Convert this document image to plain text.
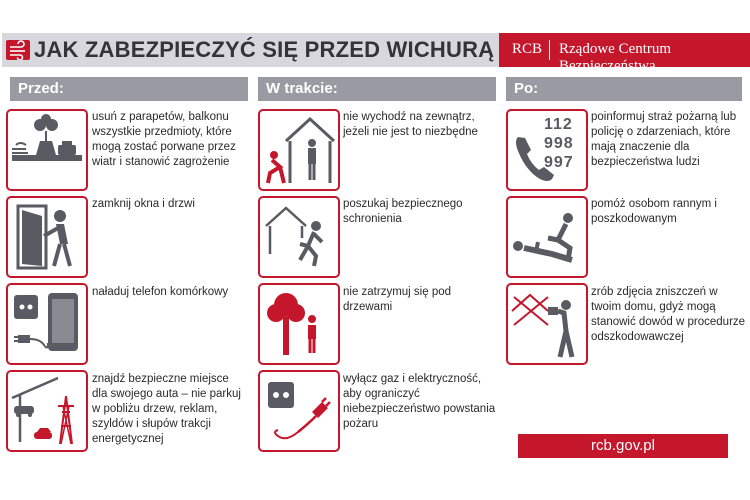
JAK ZABEZPIECZYĆ SIĘ PRZED WICHURĄ RCB Rządowe Centrum Bezpieczeństwa
Przed:	W trakcie:	Po:
usuń z parapetów, balkonu wszystkie przedmioty, które mogą zostać porwane przez wiatr i stanowić zagrożenie
zamknij okna i drzwi
naładuj telefon komórkowy
znajdź bezpieczne miejsce dla swojego auta – nie parkuj w pobliżu drzew, reklam, szyldów i słupów trakcji energetycznej
nie wychodź na zewnątrz, jeżeli nie jest to niezbędne
poszukaj bezpiecznego schronienia
nie zatrzymuj się pod drzewami
wyłącz gaz i elektryczność, aby ograniczyć niebezpieczeństwo powstania pożaru
112
998
997
poinformuj straż pożarną lub policję o zdarzeniach, które mają znaczenie dla bezpieczeństwa ludzi
pomóż osobom rannym i poszkodowanym
zrób zdjęcia zniszczeń w twoim domu, gdyż mogą stanowić dowód w procedurze odszkodowawczej
rcb.gov.pl
